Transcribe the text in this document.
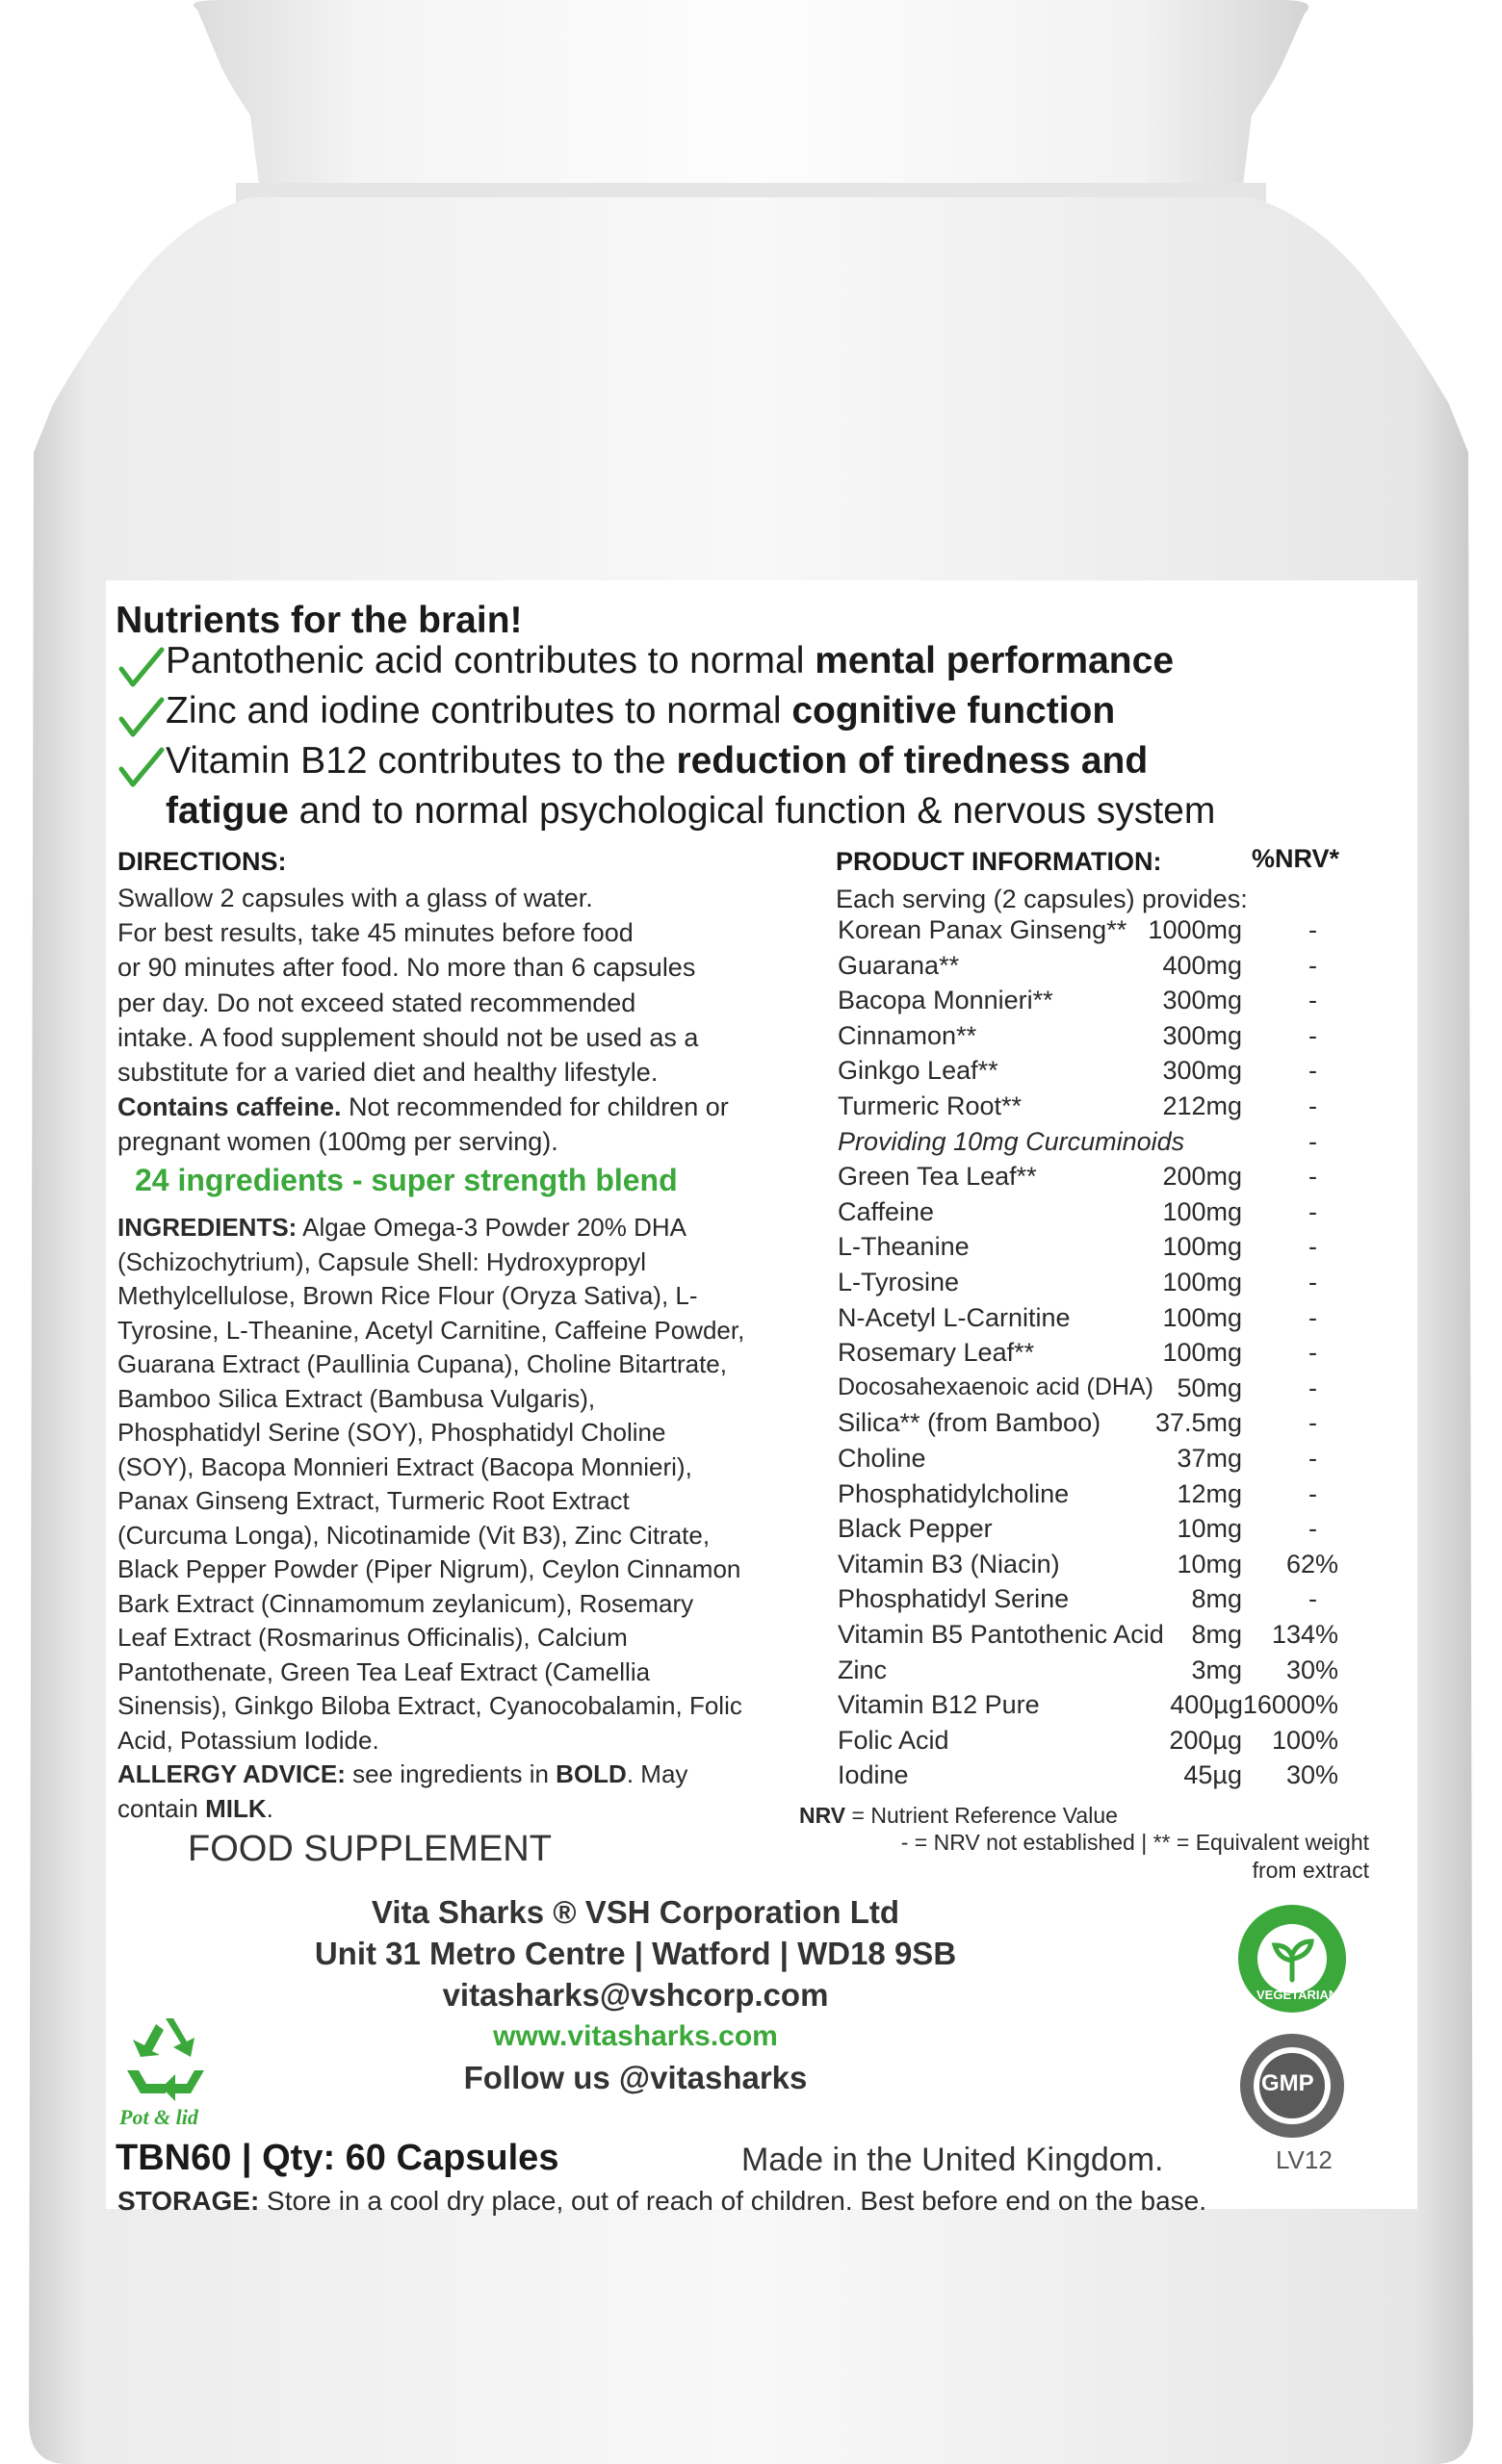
Nutrients for the brain!
Pantothenic acid contributes to normal mental performance
Zinc and iodine contributes to normal cognitive function
Vitamin B12 contributes to the reduction of tiredness and
fatigue and to normal psychological function & nervous system
DIRECTIONS:
Swallow 2 capsules with a glass of water.
For best results, take 45 minutes before food
or 90 minutes after food. No more than 6 capsules
per day. Do not exceed stated recommended
intake. A food supplement should not be used as a
substitute for a varied diet and healthy lifestyle.
Contains caffeine. Not recommended for children or
pregnant women (100mg per serving).
24 ingredients - super strength blend
INGREDIENTS: Algae Omega-3 Powder 20% DHA
(Schizochytrium), Capsule Shell: Hydroxypropyl
Methylcellulose, Brown Rice Flour (Oryza Sativa), L-
Tyrosine, L-Theanine, Acetyl Carnitine, Caffeine Powder,
Guarana Extract (Paullinia Cupana), Choline Bitartrate,
Bamboo Silica Extract (Bambusa Vulgaris),
Phosphatidyl Serine (SOY), Phosphatidyl Choline
(SOY), Bacopa Monnieri Extract (Bacopa Monnieri),
Panax Ginseng Extract, Turmeric Root Extract
(Curcuma Longa), Nicotinamide (Vit B3), Zinc Citrate,
Black Pepper Powder (Piper Nigrum), Ceylon Cinnamon
Bark Extract (Cinnamomum zeylanicum), Rosemary
Leaf Extract (Rosmarinus Officinalis), Calcium
Pantothenate, Green Tea Leaf Extract (Camellia
Sinensis), Ginkgo Biloba Extract, Cyanocobalamin, Folic
Acid, Potassium Iodide.
ALLERGY ADVICE: see ingredients in BOLD. May
contain MILK.
FOOD SUPPLEMENT
PRODUCT INFORMATION:	%NRV*
Each serving (2 capsules) provides:
Korean Panax Ginseng** 1000mg	-
Guarana**	400mg	-
Bacopa Monnieri**	300mg	-
Cinnamon**	300mg	-
Ginkgo Leaf**	300mg	-
Turmeric Root**	212mg	-
Providing 10mg Curcuminoids	-
Green Tea Leaf**	200mg	-
Caffeine	100mg	-
L-Theanine	100mg	-
L-Tyrosine	100mg	-
N-Acetyl L-Carnitine	100mg	-
Rosemary Leaf**	100mg	-
Docosahexaenoic acid (DHA) 50mg	-
Silica** (from Bamboo) 37.5mg	-
Choline	37mg	-
Phosphatidylcholine	12mg	-
Black Pepper	10mg	-
Vitamin B3 (Niacin)	10mg 62%
Phosphatidyl Serine	8mg	-
Vitamin B5 Pantothenic Acid 8mg 134%
Zinc	3mg 30%
Vitamin B12 Pure	400µg16000%
Folic Acid	200µg 100%
Iodine	45µg 30%
NRV = Nutrient Reference Value
- = NRV not established | ** = Equivalent weight
from extract
Vita Sharks ® VSH Corporation Ltd
Unit 31 Metro Centre | Watford | WD18 9SB
vitasharks@vshcorp.com
www.vitasharks.com
Follow us @vitasharks
Pot & lid
VEGETARIAN
GMP
TBN60 | Qty: 60 Capsules	Made in the United Kingdom.	LV12
STORAGE: Store in a cool dry place, out of reach of children. Best before end on the base.
